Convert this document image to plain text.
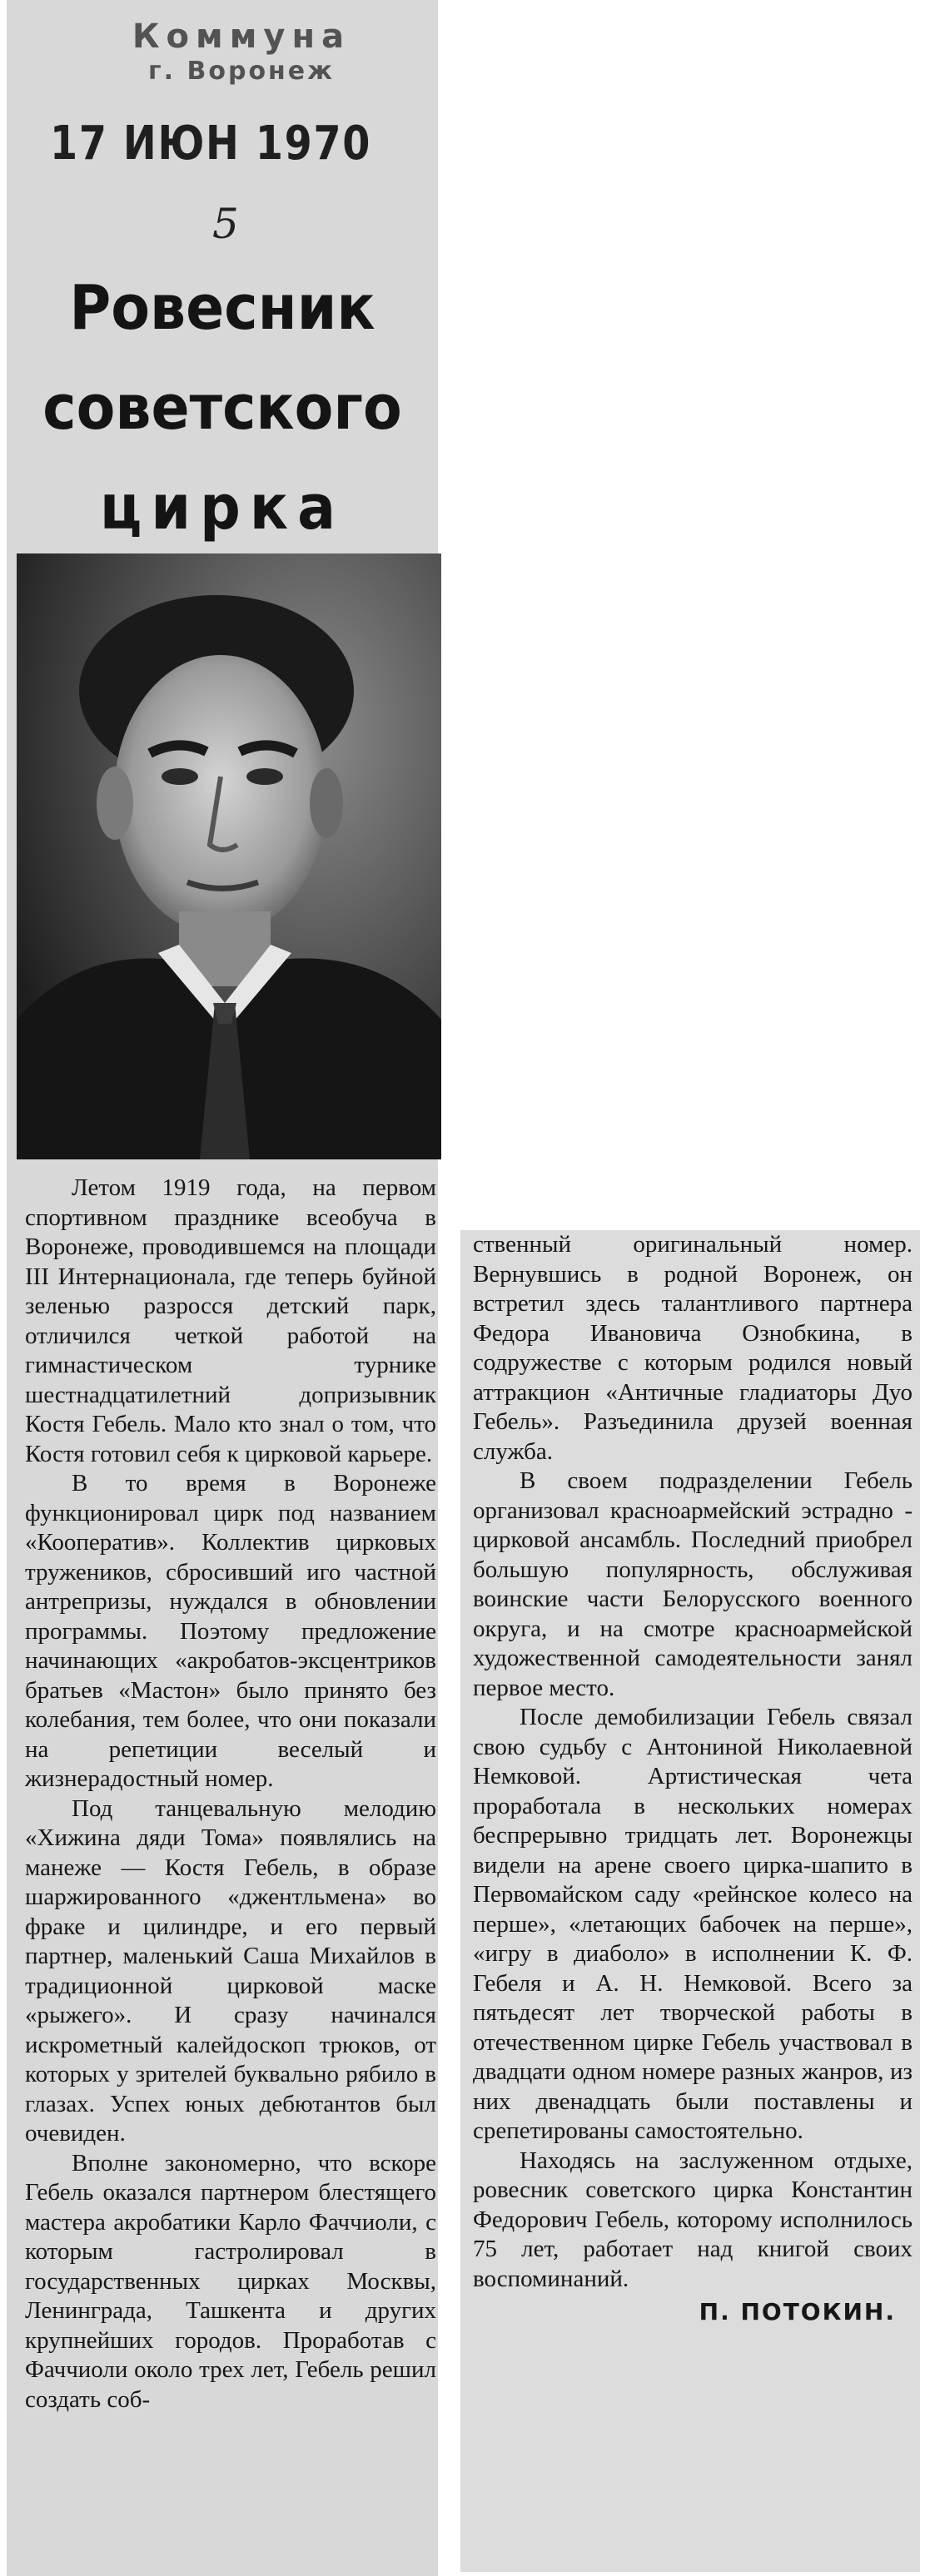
Коммуна
г. Воронеж
17 ИЮН 1970
5
Ровесник
советского
цирка

Летом 1919 года, на первом спортивном празднике всеобуча в Воронеже, проводившемся на площади III Интернационала, где теперь буйной зеленью разросся детский парк, отличился четкой работой на гимнастическом турнике шестнадцатилетний допризывник Костя Гебель. Мало кто знал о том, что Костя готовил себя к цирковой карьере.

В то время в Воронеже функционировал цирк под названием «Кооператив». Коллектив цирковых тружеников, сбросивший иго частной антрепризы, нуждался в обновлении программы. Поэтому предложение начинающих «акробатов-эксцентриков братьев «Мастон» было принято без колебания, тем более, что они показали на репетиции веселый и жизнерадостный номер.

Под танцевальную мелодию «Хижина дяди Тома» появлялись на манеже — Костя Гебель, в образе шаржированного «джентльмена» во фраке и цилиндре, и его первый партнер, маленький Саша Михайлов в традиционной цирковой маске «рыжего». И сразу начинался искрометный калейдоскоп трюков, от которых у зрителей буквально рябило в глазах. Успех юных дебютантов был очевиден.

Вполне закономерно, что вскоре Гебель оказался партнером блестящего мастера акробатики Карло Фаччиоли, с которым гастролировал в государственных цирках Москвы, Ленинграда, Ташкента и других крупнейших городов. Проработав с Фаччиоли около трех лет, Гебель решил создать соб-

ственный оригинальный номер. Вернувшись в родной Воронеж, он встретил здесь талантливого партнера Федора Ивановича Ознобкина, в содружестве с которым родился новый аттракцион «Античные гладиаторы Дуо Гебель». Разъединила друзей военная служба.

В своем подразделении Гебель организовал красноармейский эстрадно - цирковой ансамбль. Последний приобрел большую популярность, обслуживая воинские части Белорусского военного округа, и на смотре красноармейской художественной самодеятельности занял первое место.

После демобилизации Гебель связал свою судьбу с Антониной Николаевной Немковой. Артистическая чета проработала в нескольких номерах беспрерывно тридцать лет. Воронежцы видели на арене своего цирка-шапито в Первомайском саду «рейнское колесо на перше», «летающих бабочек на перше», «игру в диаболо» в исполнении К. Ф. Гебеля и А. Н. Немковой. Всего за пятьдесят лет творческой работы в отечественном цирке Гебель участвовал в двадцати одном номере разных жанров, из них двенадцать были поставлены и срепетированы самостоятельно.

Находясь на заслуженном отдыхе, ровесник советского цирка Константин Федорович Гебель, которому исполнилось 75 лет, работает над книгой своих воспоминаний.

П. ПОТОКИН.
